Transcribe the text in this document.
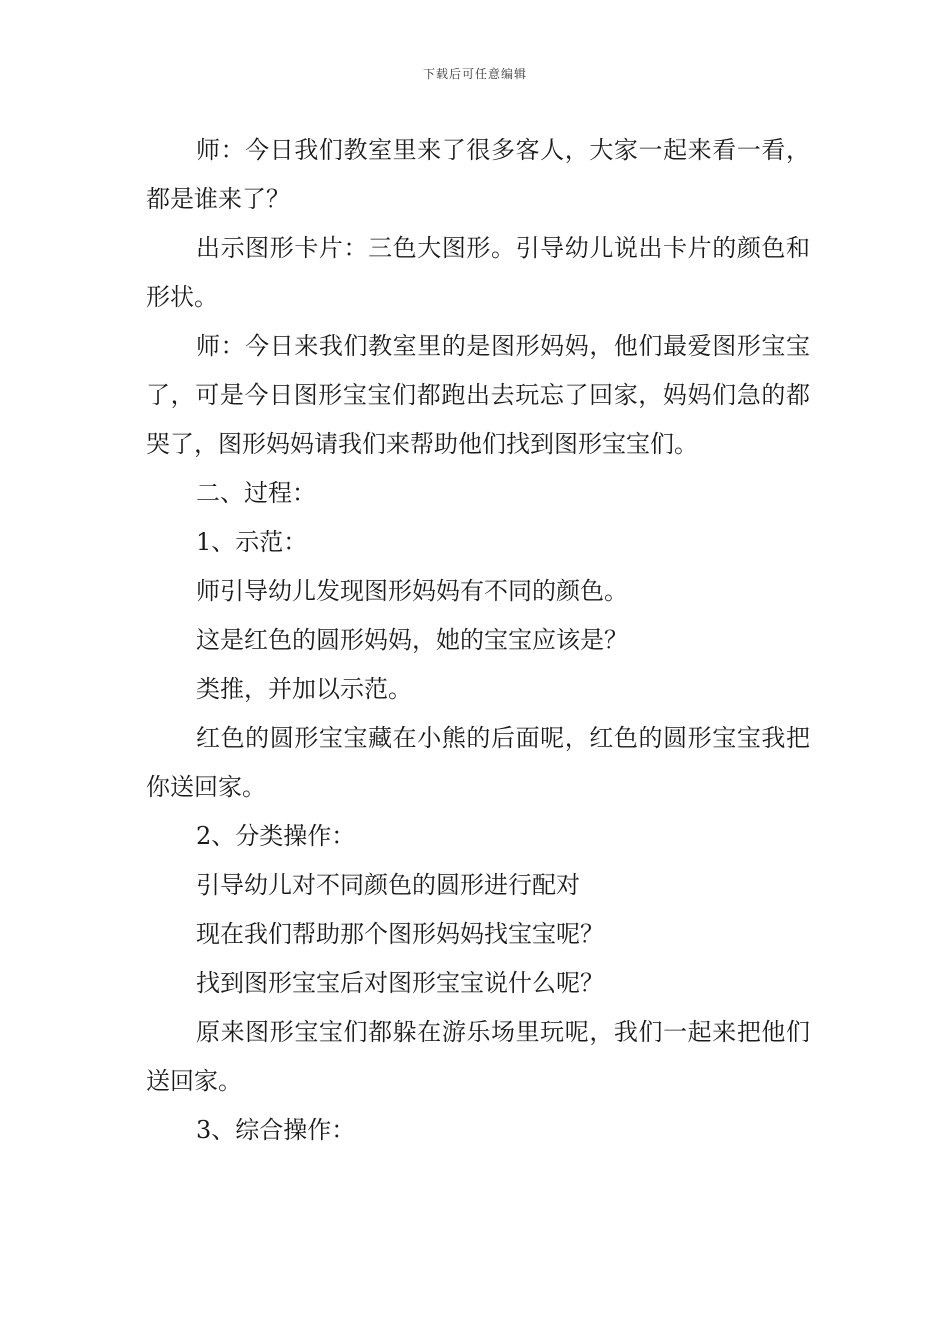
下载后可任意编辑

师：今日我们教室里来了很多客人，大家一起来看一看，都是谁来了？

出示图形卡片：三色大图形。引导幼儿说出卡片的颜色和形状。

师：今日来我们教室里的是图形妈妈，他们最爱图形宝宝了，可是今日图形宝宝们都跑出去玩忘了回家，妈妈们急的都哭了，图形妈妈请我们来帮助他们找到图形宝宝们。

二、过程：

1、示范：

师引导幼儿发现图形妈妈有不同的颜色。

这是红色的圆形妈妈，她的宝宝应该是？

类推，并加以示范。

红色的圆形宝宝藏在小熊的后面呢，红色的圆形宝宝我把你送回家。

2、分类操作：

引导幼儿对不同颜色的圆形进行配对

现在我们帮助那个图形妈妈找宝宝呢？

找到图形宝宝后对图形宝宝说什么呢？

原来图形宝宝们都躲在游乐场里玩呢，我们一起来把他们送回家。

3、综合操作：
